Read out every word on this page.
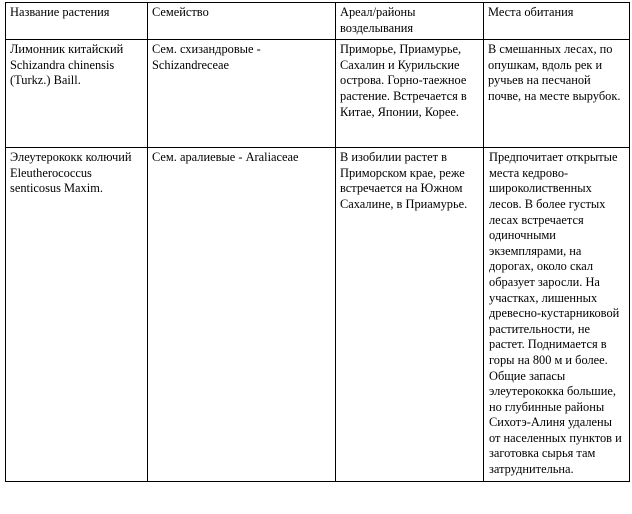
Название растения	Семейство	Ареал/районы возделывания	Места обитания
Лимонник китайский Schizandra chinensis (Turkz.) Baill.	Сем. схизандровые - Schizandreceae	Приморье, Приамурье, Сахалин и Курильские острова. Горно-таежное растение. Встречается в Китае, Японии, Корее.	В смешанных лесах, по опушкам, вдоль рек и ручьев на песчаной почве, на месте вырубок.
Элеутерококк колючий Eleutherococcus senticosus Maxim.	Сем. аралиевые - Araliaceae	В изобилии растет в Приморском крае, реже встречается на Южном Сахалине, в Приамурье.	Предпочитает открытые места кедрово-широколиственных лесов. В более густых лесах встречается одиночными экземплярами, на дорогах, около скал образует заросли. На участках, лишенных древесно-кустарниковой растительности, не растет. Поднимается в горы на 800 м и более. Общие запасы элеутерококка большие, но глубинные районы Сихотэ-Алиня удалены от населенных пунктов и заготовка сырья там затруднительна.
